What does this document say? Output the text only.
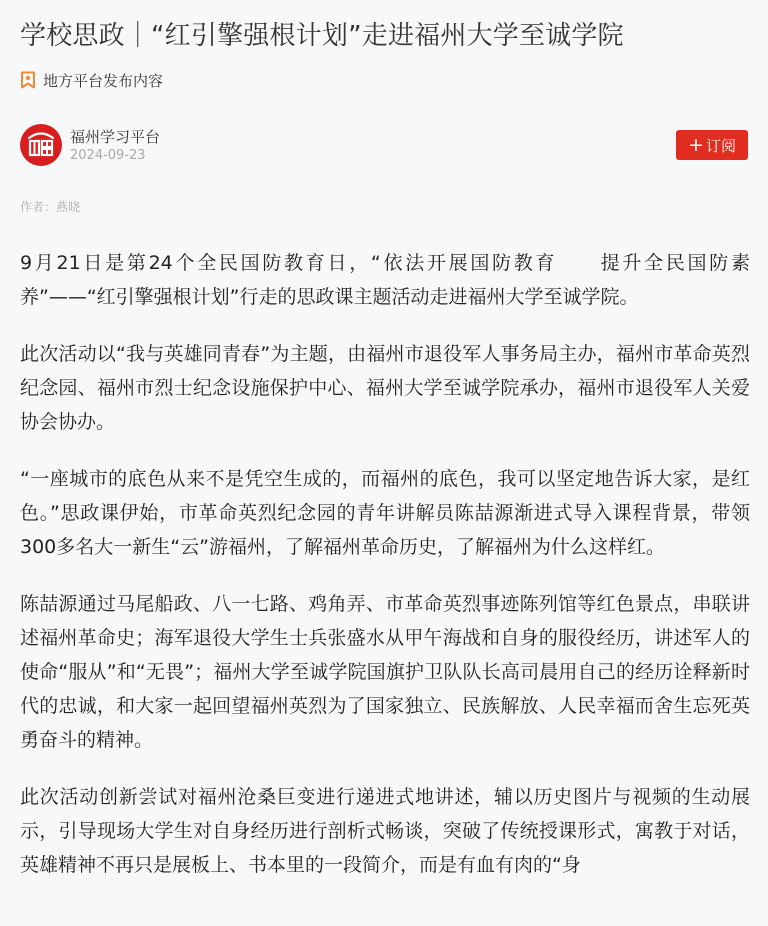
学校思政｜“红引擎强根计划”走进福州大学至诚学院
地方平台发布内容
福州学习平台
2024-09-23	+ 订阅
作者：燕晓

9月21日是第24个全民国防教育日，“依法开展国防教育　　提升全民国防素养”——“红引擎强根计划”行走的思政课主题活动走进福州大学至诚学院。

此次活动以“我与英雄同青春”为主题，由福州市退役军人事务局主办，福州市革命英烈纪念园、福州市烈士纪念设施保护中心、福州大学至诚学院承办，福州市退役军人关爱协会协办。

“一座城市的底色从来不是凭空生成的，而福州的底色，我可以坚定地告诉大家，是红色。”思政课伊始，市革命英烈纪念园的青年讲解员陈喆源渐进式导入课程背景，带领300多名大一新生“云”游福州，了解福州革命历史，了解福州为什么这样红。

陈喆源通过马尾船政、八一七路、鸡角弄、市革命英烈事迹陈列馆等红色景点，串联讲述福州革命史；海军退役大学生士兵张盛水从甲午海战和自身的服役经历，讲述军人的使命“服从”和“无畏”；福州大学至诚学院国旗护卫队队长高司晨用自己的经历诠释新时代的忠诚，和大家一起回望福州英烈为了国家独立、民族解放、人民幸福而舍生忘死英勇奋斗的精神。

此次活动创新尝试对福州沧桑巨变进行递进式地讲述，辅以历史图片与视频的生动展示，引导现场大学生对自身经历进行剖析式畅谈，突破了传统授课形式，寓教于对话，英雄精神不再只是展板上、书本里的一段简介，而是有血有肉的“身
